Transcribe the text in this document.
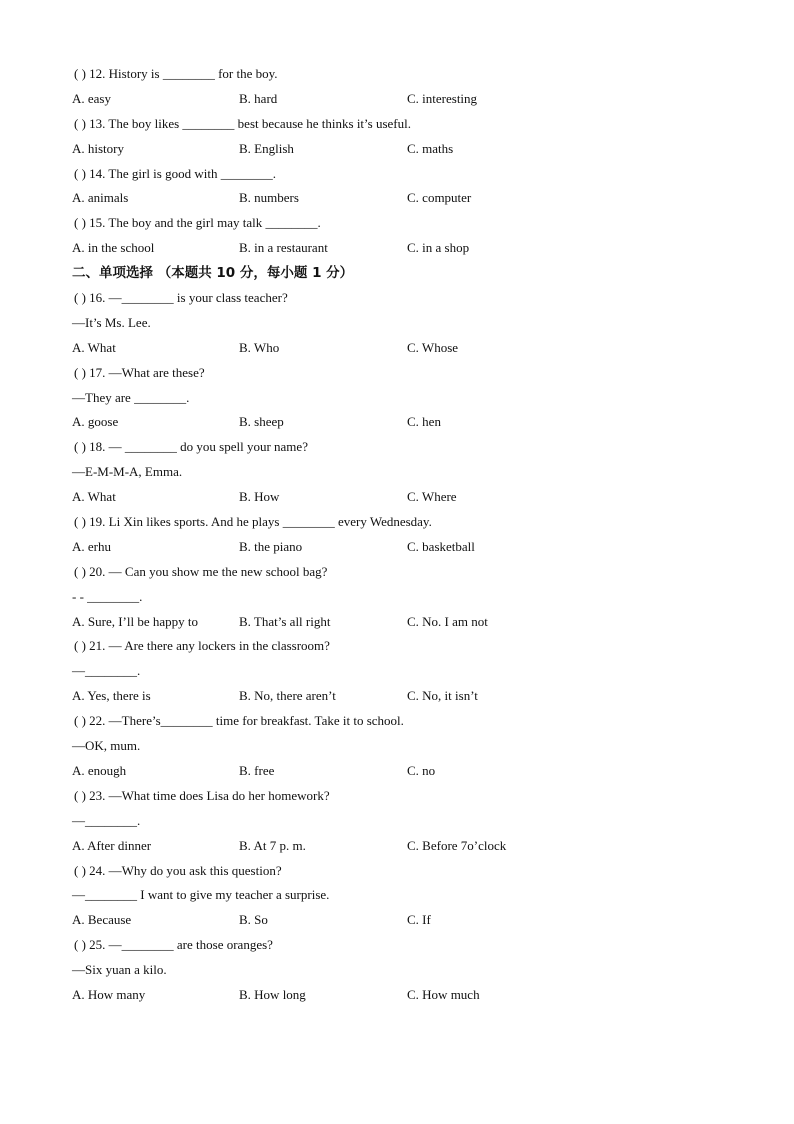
( ) 12. History is ________ for the boy.
A. easy	B. hard	C. interesting
( ) 13. The boy likes ________ best because he thinks it’s useful.
A. history	B. English	C. maths
( ) 14. The girl is good with ________.
A. animals	B. numbers	C. computer
( ) 15. The boy and the girl may talk ________.
A. in the school	B. in a restaurant	C. in a shop
二、单项选择 （本题共 10 分，每小题 1 分）
( ) 16. —________ is your class teacher?
—It’s Ms. Lee.
A. What	B. Who	C. Whose
( ) 17. —What are these?
—They are ________.
A. goose	B. sheep	C. hen
( ) 18. — ________ do you spell your name?
—E-M-M-A, Emma.
A. What	B. How	C. Where
( ) 19. Li Xin likes sports. And he plays ________ every Wednesday.
A. erhu	B. the piano	C. basketball
( ) 20. — Can you show me the new school bag?
- - ________.
A. Sure, I’ll be happy to	B. That’s all right	C. No. I am not
( ) 21. — Are there any lockers in the classroom?
—________.
A. Yes, there is	B. No, there aren’t	C. No, it isn’t
( ) 22. —There’s________ time for breakfast. Take it to school.
—OK, mum.
A. enough	B. free	C. no
( ) 23. —What time does Lisa do her homework?
—________.
A. After dinner	B. At 7 p. m.	C. Before 7o’clock
( ) 24. —Why do you ask this question?
—________ I want to give my teacher a surprise.
A. Because	B. So	C. If
( ) 25. —________ are those oranges?
—Six yuan a kilo.
A. How many	B. How long	C. How much
